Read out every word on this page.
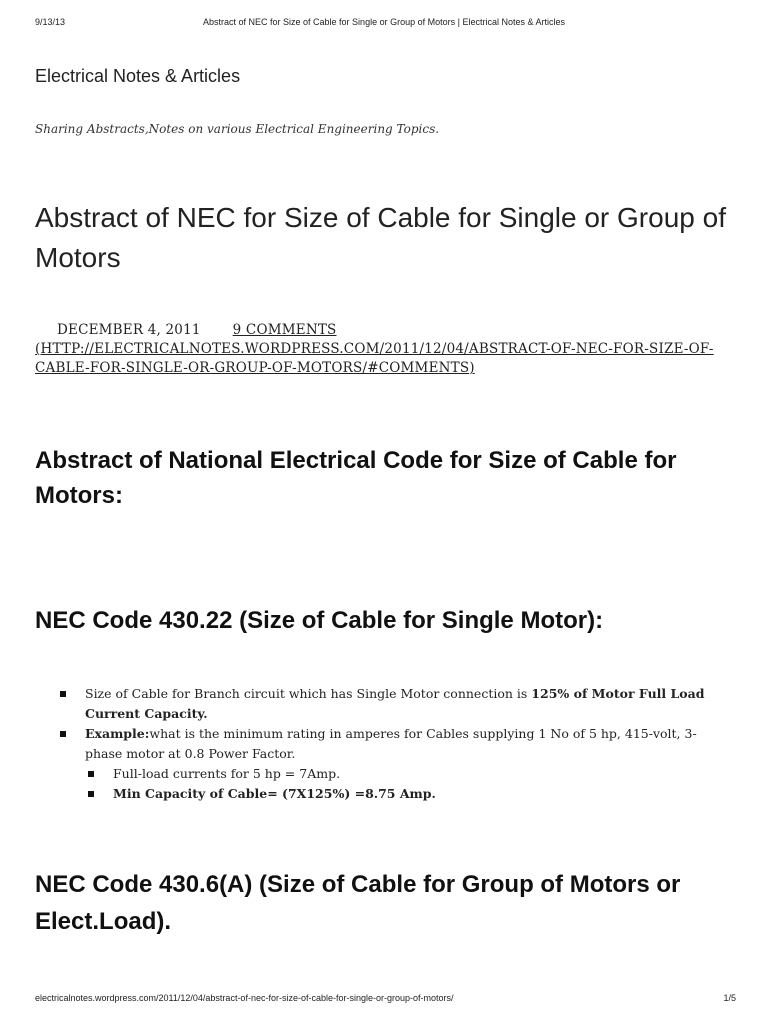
9/13/13	Abstract of NEC for Size of Cable for Single or Group of Motors | Electrical Notes & Articles
Electrical Notes & Articles
Sharing Abstracts,Notes on various Electrical Engineering Topics.
Abstract of NEC for Size of Cable for Single or Group of Motors
DECEMBER 4, 2011 9 COMMENTS
(HTTP://ELECTRICALNOTES.WORDPRESS.COM/2011/12/04/ABSTRACT-OF-NEC-FOR-SIZE-OF-CABLE-FOR-SINGLE-OR-GROUP-OF-MOTORS/#COMMENTS)
Abstract of National Electrical Code for Size of Cable for Motors:
NEC Code 430.22 (Size of Cable for Single Motor):
Size of Cable for Branch circuit which has Single Motor connection is 125% of Motor Full Load Current Capacity.
Example:what is the minimum rating in amperes for Cables supplying 1 No of 5 hp, 415-volt, 3-phase motor at 0.8 Power Factor.
Full-load currents for 5 hp = 7Amp.
Min Capacity of Cable= (7X125%) =8.75 Amp.
NEC Code 430.6(A) (Size of Cable for Group of Motors or Elect.Load).
electricalnotes.wordpress.com/2011/12/04/abstract-of-nec-for-size-of-cable-for-single-or-group-of-motors/	1/5
